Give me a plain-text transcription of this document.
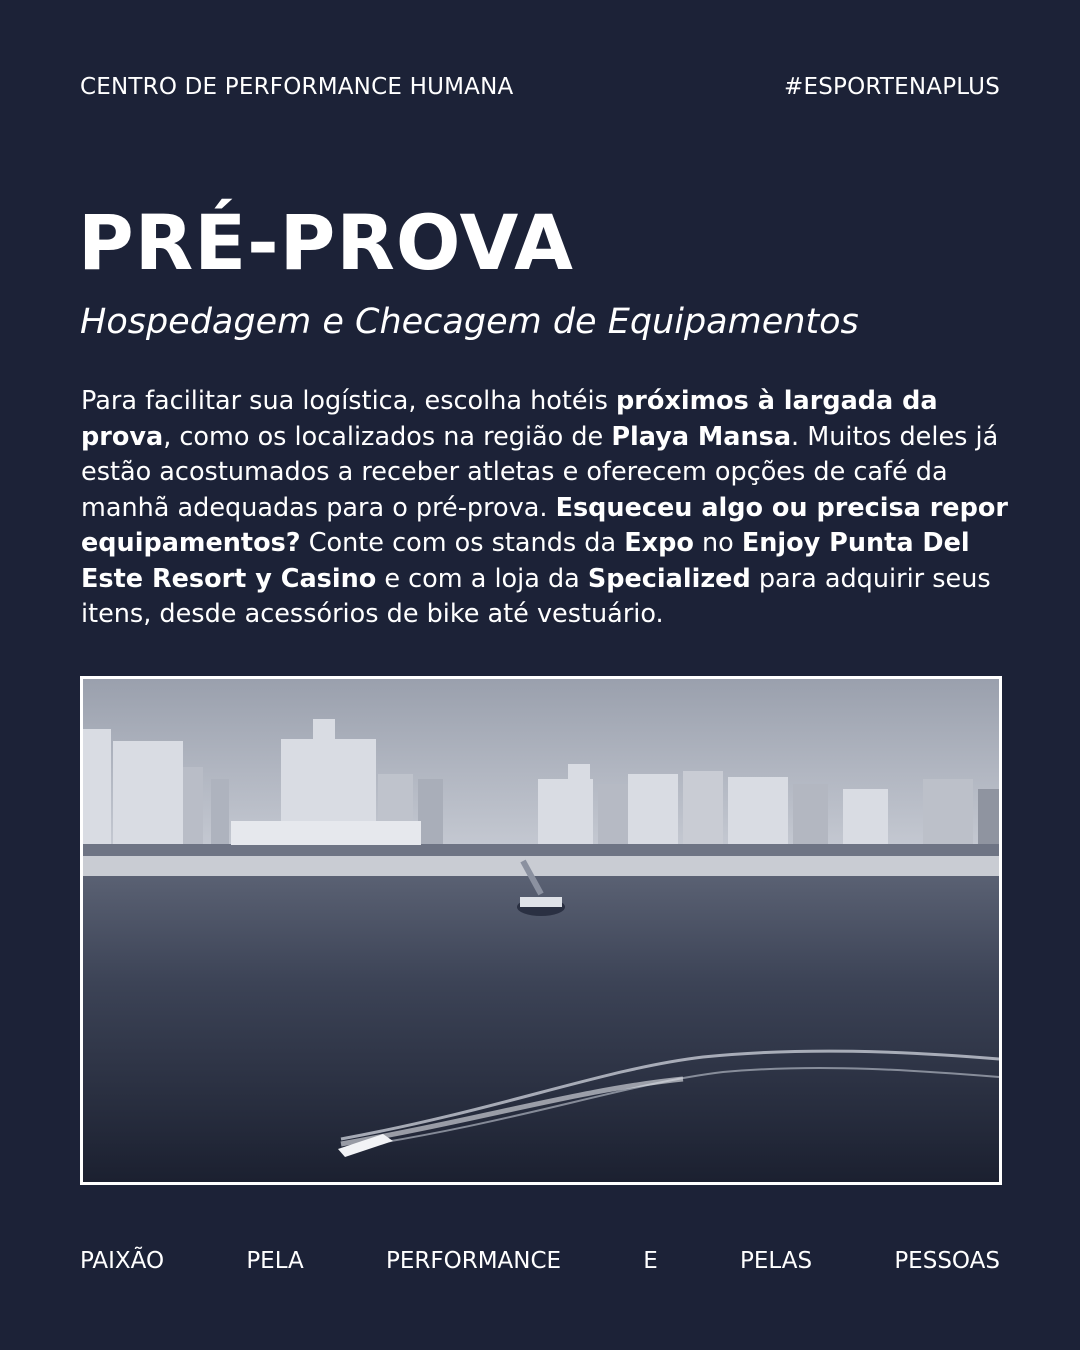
CENTRO DE PERFORMANCE HUMANA	#ESPORTENAPLUS
PRÉ-PROVA
Hospedagem e Checagem de Equipamentos

Para facilitar sua logística, escolha hotéis próximos à largada da prova, como os localizados na região de Playa Mansa. Muitos deles já estão acostumados a receber atletas e oferecem opções de café da manhã adequadas para o pré-prova. Esqueceu algo ou precisa repor equipamentos? Conte com os stands da Expo no Enjoy Punta Del Este Resort y Casino e com a loja da Specialized para adquirir seus itens, desde acessórios de bike até vestuário.

PAIXÃO	PELA	PERFORMANCE	E	PELAS	PESSOAS
